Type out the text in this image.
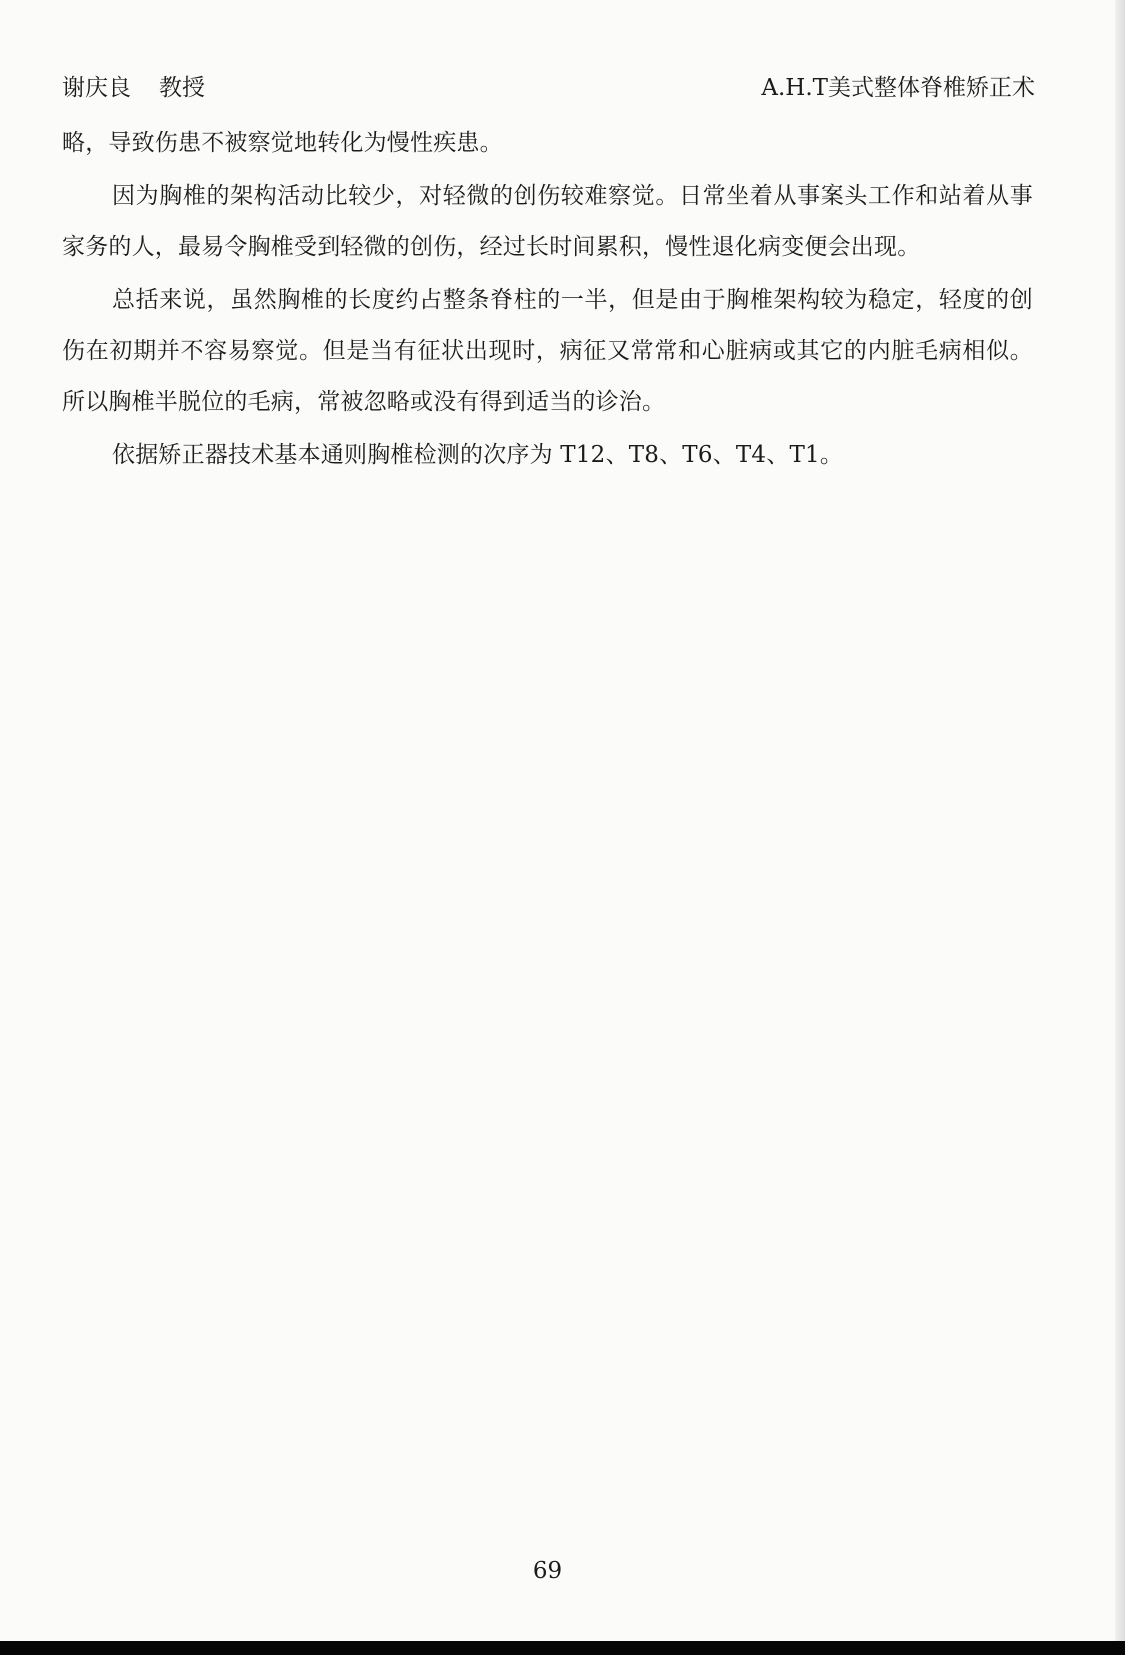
谢庆良 教授	A.H.T美式整体脊椎矫正术

略，导致伤患不被察觉地转化为慢性疾患。

因为胸椎的架构活动比较少，对轻微的创伤较难察觉。日常坐着从事案头工作和站着从事家务的人，最易令胸椎受到轻微的创伤，经过长时间累积，慢性退化病变便会出现。

总括来说，虽然胸椎的长度约占整条脊柱的一半，但是由于胸椎架构较为稳定，轻度的创伤在初期并不容易察觉。但是当有征状出现时，病征又常常和心脏病或其它的内脏毛病相似。所以胸椎半脱位的毛病，常被忽略或没有得到适当的诊治。

依据矫正器技术基本通则胸椎检测的次序为 T12、T8、T6、T4、T1。

69
